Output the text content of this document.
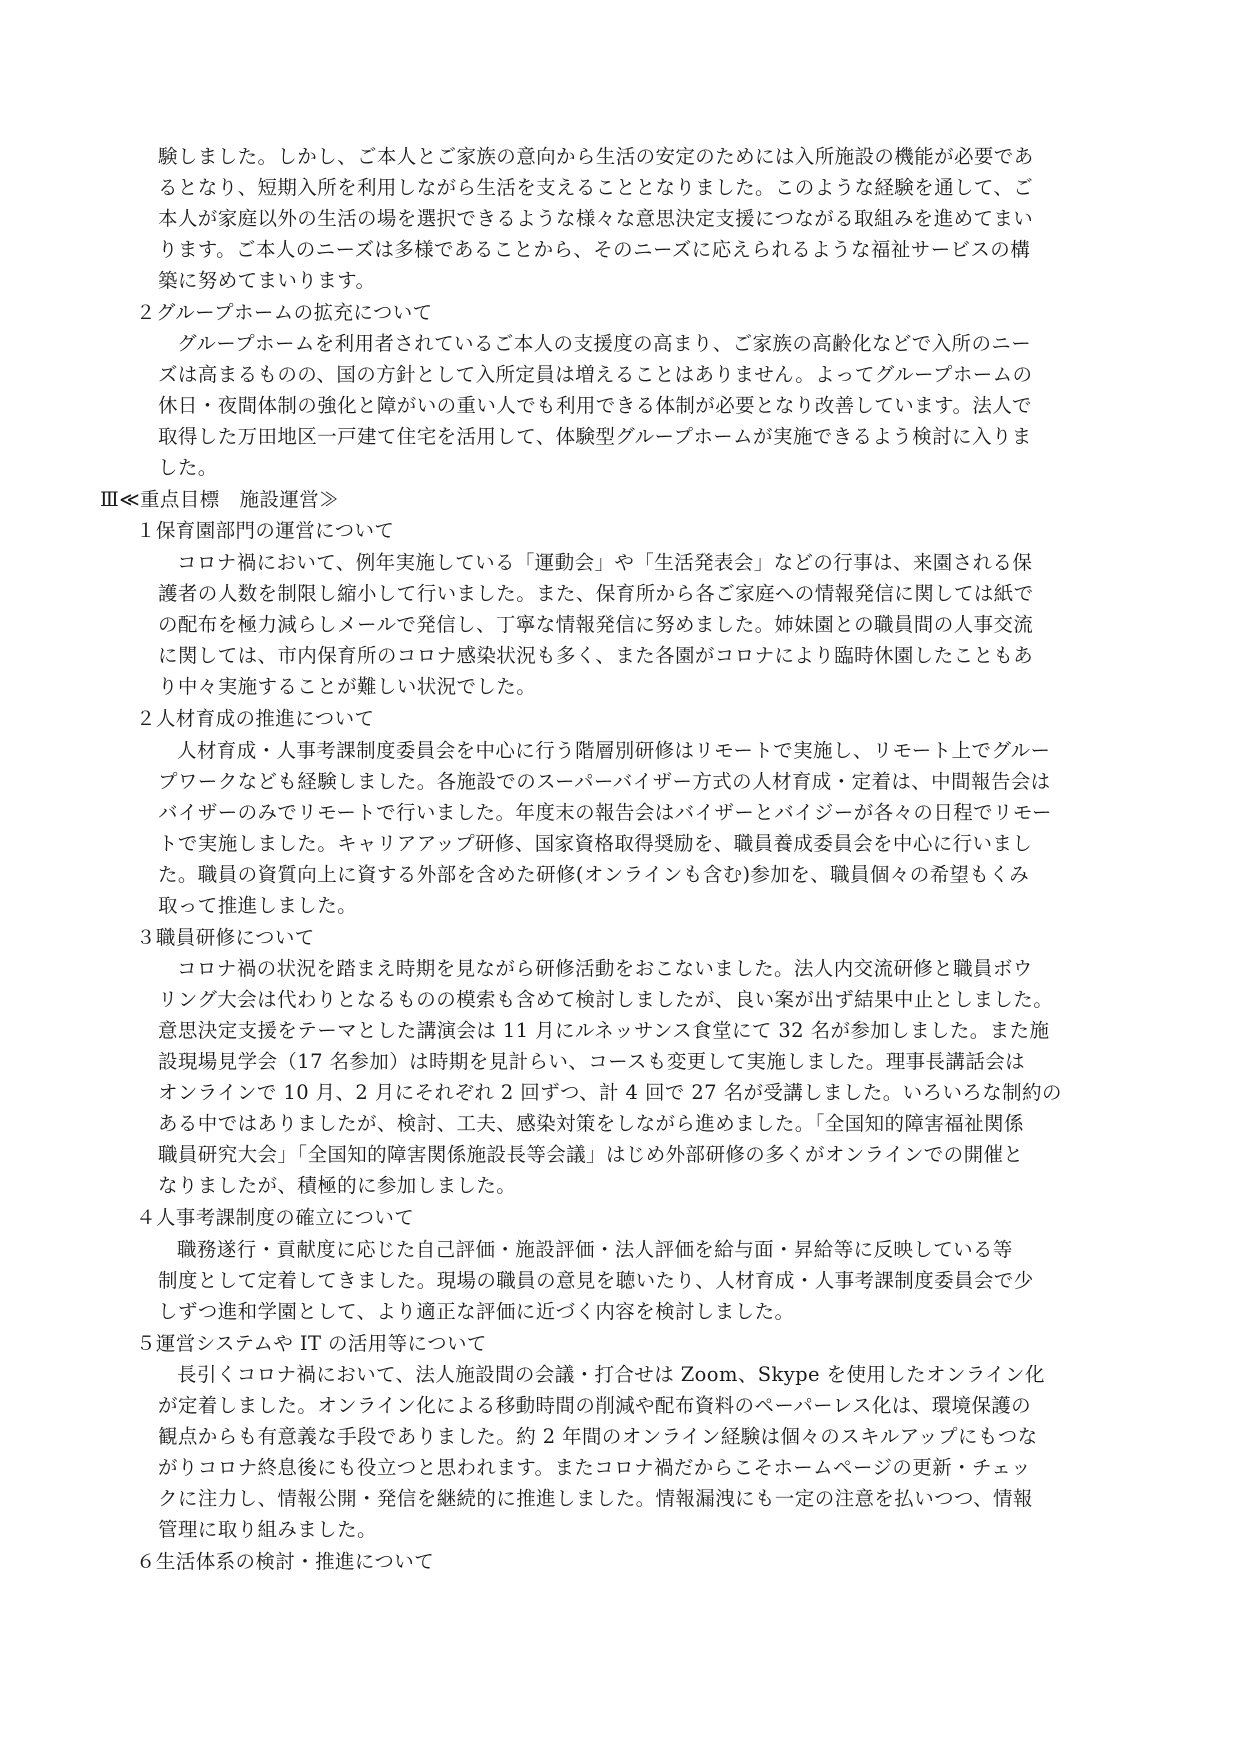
験しました。しかし、ご本人とご家族の意向から生活の安定のためには入所施設の機能が必要であ
るとなり、短期入所を利用しながら生活を支えることとなりました。このような経験を通して、ご
本人が家庭以外の生活の場を選択できるような様々な意思決定支援につながる取組みを進めてまい
ります。ご本人のニーズは多様であることから、そのニーズに応えられるような福祉サービスの構
築に努めてまいります。
２グループホームの拡充について
グループホームを利用者されているご本人の支援度の高まり、ご家族の高齢化などで入所のニー
ズは高まるものの、国の方針として入所定員は増えることはありません。よってグループホームの
休日・夜間体制の強化と障がいの重い人でも利用できる体制が必要となり改善しています。法人で
取得した万田地区一戸建て住宅を活用して、体験型グループホームが実施できるよう検討に入りま
した。
Ⅲ≪重点目標　施設運営≫
１保育園部門の運営について
コロナ禍において、例年実施している「運動会」や「生活発表会」などの行事は、来園される保
護者の人数を制限し縮小して行いました。また、保育所から各ご家庭への情報発信に関しては紙で
の配布を極力減らしメールで発信し、丁寧な情報発信に努めました。姉妹園との職員間の人事交流
に関しては、市内保育所のコロナ感染状況も多く、また各園がコロナにより臨時休園したこともあ
り中々実施することが難しい状況でした。
２人材育成の推進について
人材育成・人事考課制度委員会を中心に行う階層別研修はリモートで実施し、リモート上でグルー
プワークなども経験しました。各施設でのスーパーバイザー方式の人材育成・定着は、中間報告会は
バイザーのみでリモートで行いました。年度末の報告会はバイザーとバイジーが各々の日程でリモー
トで実施しました。キャリアアップ研修、国家資格取得奨励を、職員養成委員会を中心に行いまし
た。職員の資質向上に資する外部を含めた研修(オンラインも含む)参加を、職員個々の希望もくみ
取って推進しました。
３職員研修について
コロナ禍の状況を踏まえ時期を見ながら研修活動をおこないました。法人内交流研修と職員ボウ
リング大会は代わりとなるものの模索も含めて検討しましたが、良い案が出ず結果中止としました。
意思決定支援をテーマとした講演会は 11 月にルネッサンス食堂にて 32 名が参加しました。また施
設現場見学会（17 名参加）は時期を見計らい、コースも変更して実施しました。理事長講話会は
オンラインで 10 月、2 月にそれぞれ 2 回ずつ、計 4 回で 27 名が受講しました。いろいろな制約の
ある中ではありましたが、検討、工夫、感染対策をしながら進めました。「全国知的障害福祉関係
職員研究大会」「全国知的障害関係施設長等会議」はじめ外部研修の多くがオンラインでの開催と
なりましたが、積極的に参加しました。
４人事考課制度の確立について
職務遂行・貢献度に応じた自己評価・施設評価・法人評価を給与面・昇給等に反映している等
制度として定着してきました。現場の職員の意見を聴いたり、人材育成・人事考課制度委員会で少
しずつ進和学園として、より適正な評価に近づく内容を検討しました。
５運営システムや IT の活用等について
長引くコロナ禍において、法人施設間の会議・打合せは Zoom、Skype を使用したオンライン化
が定着しました。オンライン化による移動時間の削減や配布資料のペーパーレス化は、環境保護の
観点からも有意義な手段でありました。約 2 年間のオンライン経験は個々のスキルアップにもつな
がりコロナ終息後にも役立つと思われます。またコロナ禍だからこそホームページの更新・チェッ
クに注力し、情報公開・発信を継続的に推進しました。情報漏洩にも一定の注意を払いつつ、情報
管理に取り組みました。
６生活体系の検討・推進について
